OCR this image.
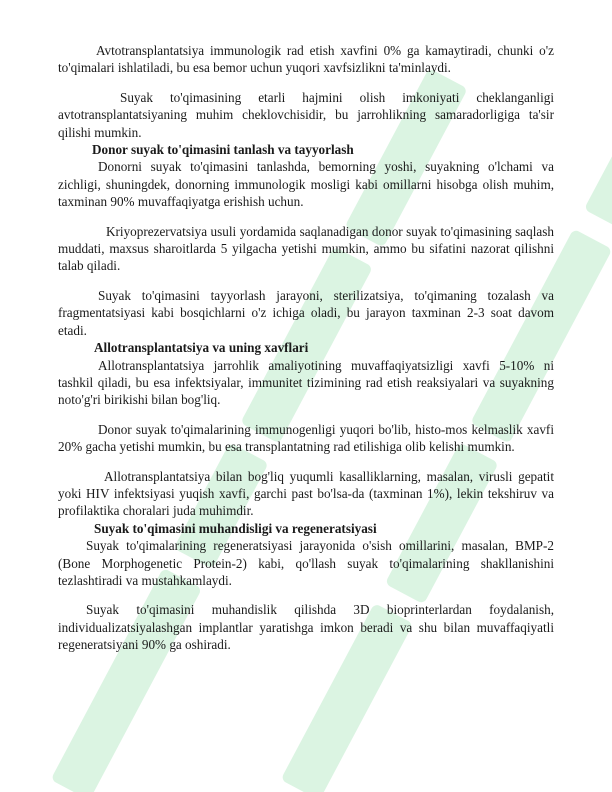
Avtotransplantatsiya immunologik rad etish xavfini 0% ga kamaytiradi, chunki o'z to'qimalari ishlatiladi, bu esa bemor uchun yuqori xavfsizlikni ta'minlaydi.

Suyak to'qimasining etarli hajmini olish imkoniyati cheklanganligi avtotransplantatsiyaning muhim cheklovchisidir, bu jarrohlikning samaradorligiga ta'sir qilishi mumkin.

Donor suyak to'qimasini tanlash va tayyorlash

Donorni suyak to'qimasini tanlashda, bemorning yoshi, suyakning o'lchami va zichligi, shuningdek, donorning immunologik mosligi kabi omillarni hisobga olish muhim, taxminan 90% muvaffaqiyatga erishish uchun.

Kriyoprezervatsiya usuli yordamida saqlanadigan donor suyak to'qimasining saqlash muddati, maxsus sharoitlarda 5 yilgacha yetishi mumkin, ammo bu sifatini nazorat qilishni talab qiladi.

Suyak to'qimasini tayyorlash jarayoni, sterilizatsiya, to'qimaning tozalash va fragmentatsiyasi kabi bosqichlarni o'z ichiga oladi, bu jarayon taxminan 2-3 soat davom etadi.

Allotransplantatsiya va uning xavflari

Allotransplantatsiya jarrohlik amaliyotining muvaffaqiyatsizligi xavfi 5-10% ni tashkil qiladi, bu esa infektsiyalar, immunitet tizimining rad etish reaksiyalari va suyakning noto'g'ri birikishi bilan bog'liq.

Donor suyak to'qimalarining immunogenligi yuqori bo'lib, histo-mos kelmaslik xavfi 20% gacha yetishi mumkin, bu esa transplantatning rad etilishiga olib kelishi mumkin.

Allotransplantatsiya bilan bog'liq yuqumli kasalliklarning, masalan, virusli gepatit yoki HIV infektsiyasi yuqish xavfi, garchi past bo'lsa-da (taxminan 1%), lekin tekshiruv va profilaktika choralari juda muhimdir.

Suyak to'qimasini muhandisligi va regeneratsiyasi

Suyak to'qimalarining regeneratsiyasi jarayonida o'sish omillarini, masalan, BMP-2 (Bone Morphogenetic Protein-2) kabi, qo'llash suyak to'qimalarining shakllanishini tezlashtiradi va mustahkamlaydi.

Suyak to'qimasini muhandislik qilishda 3D bioprinterlardan foydalanish, individualizatsiyalashgan implantlar yaratishga imkon beradi va shu bilan muvaffaqiyatli regeneratsiyani 90% ga oshiradi.
